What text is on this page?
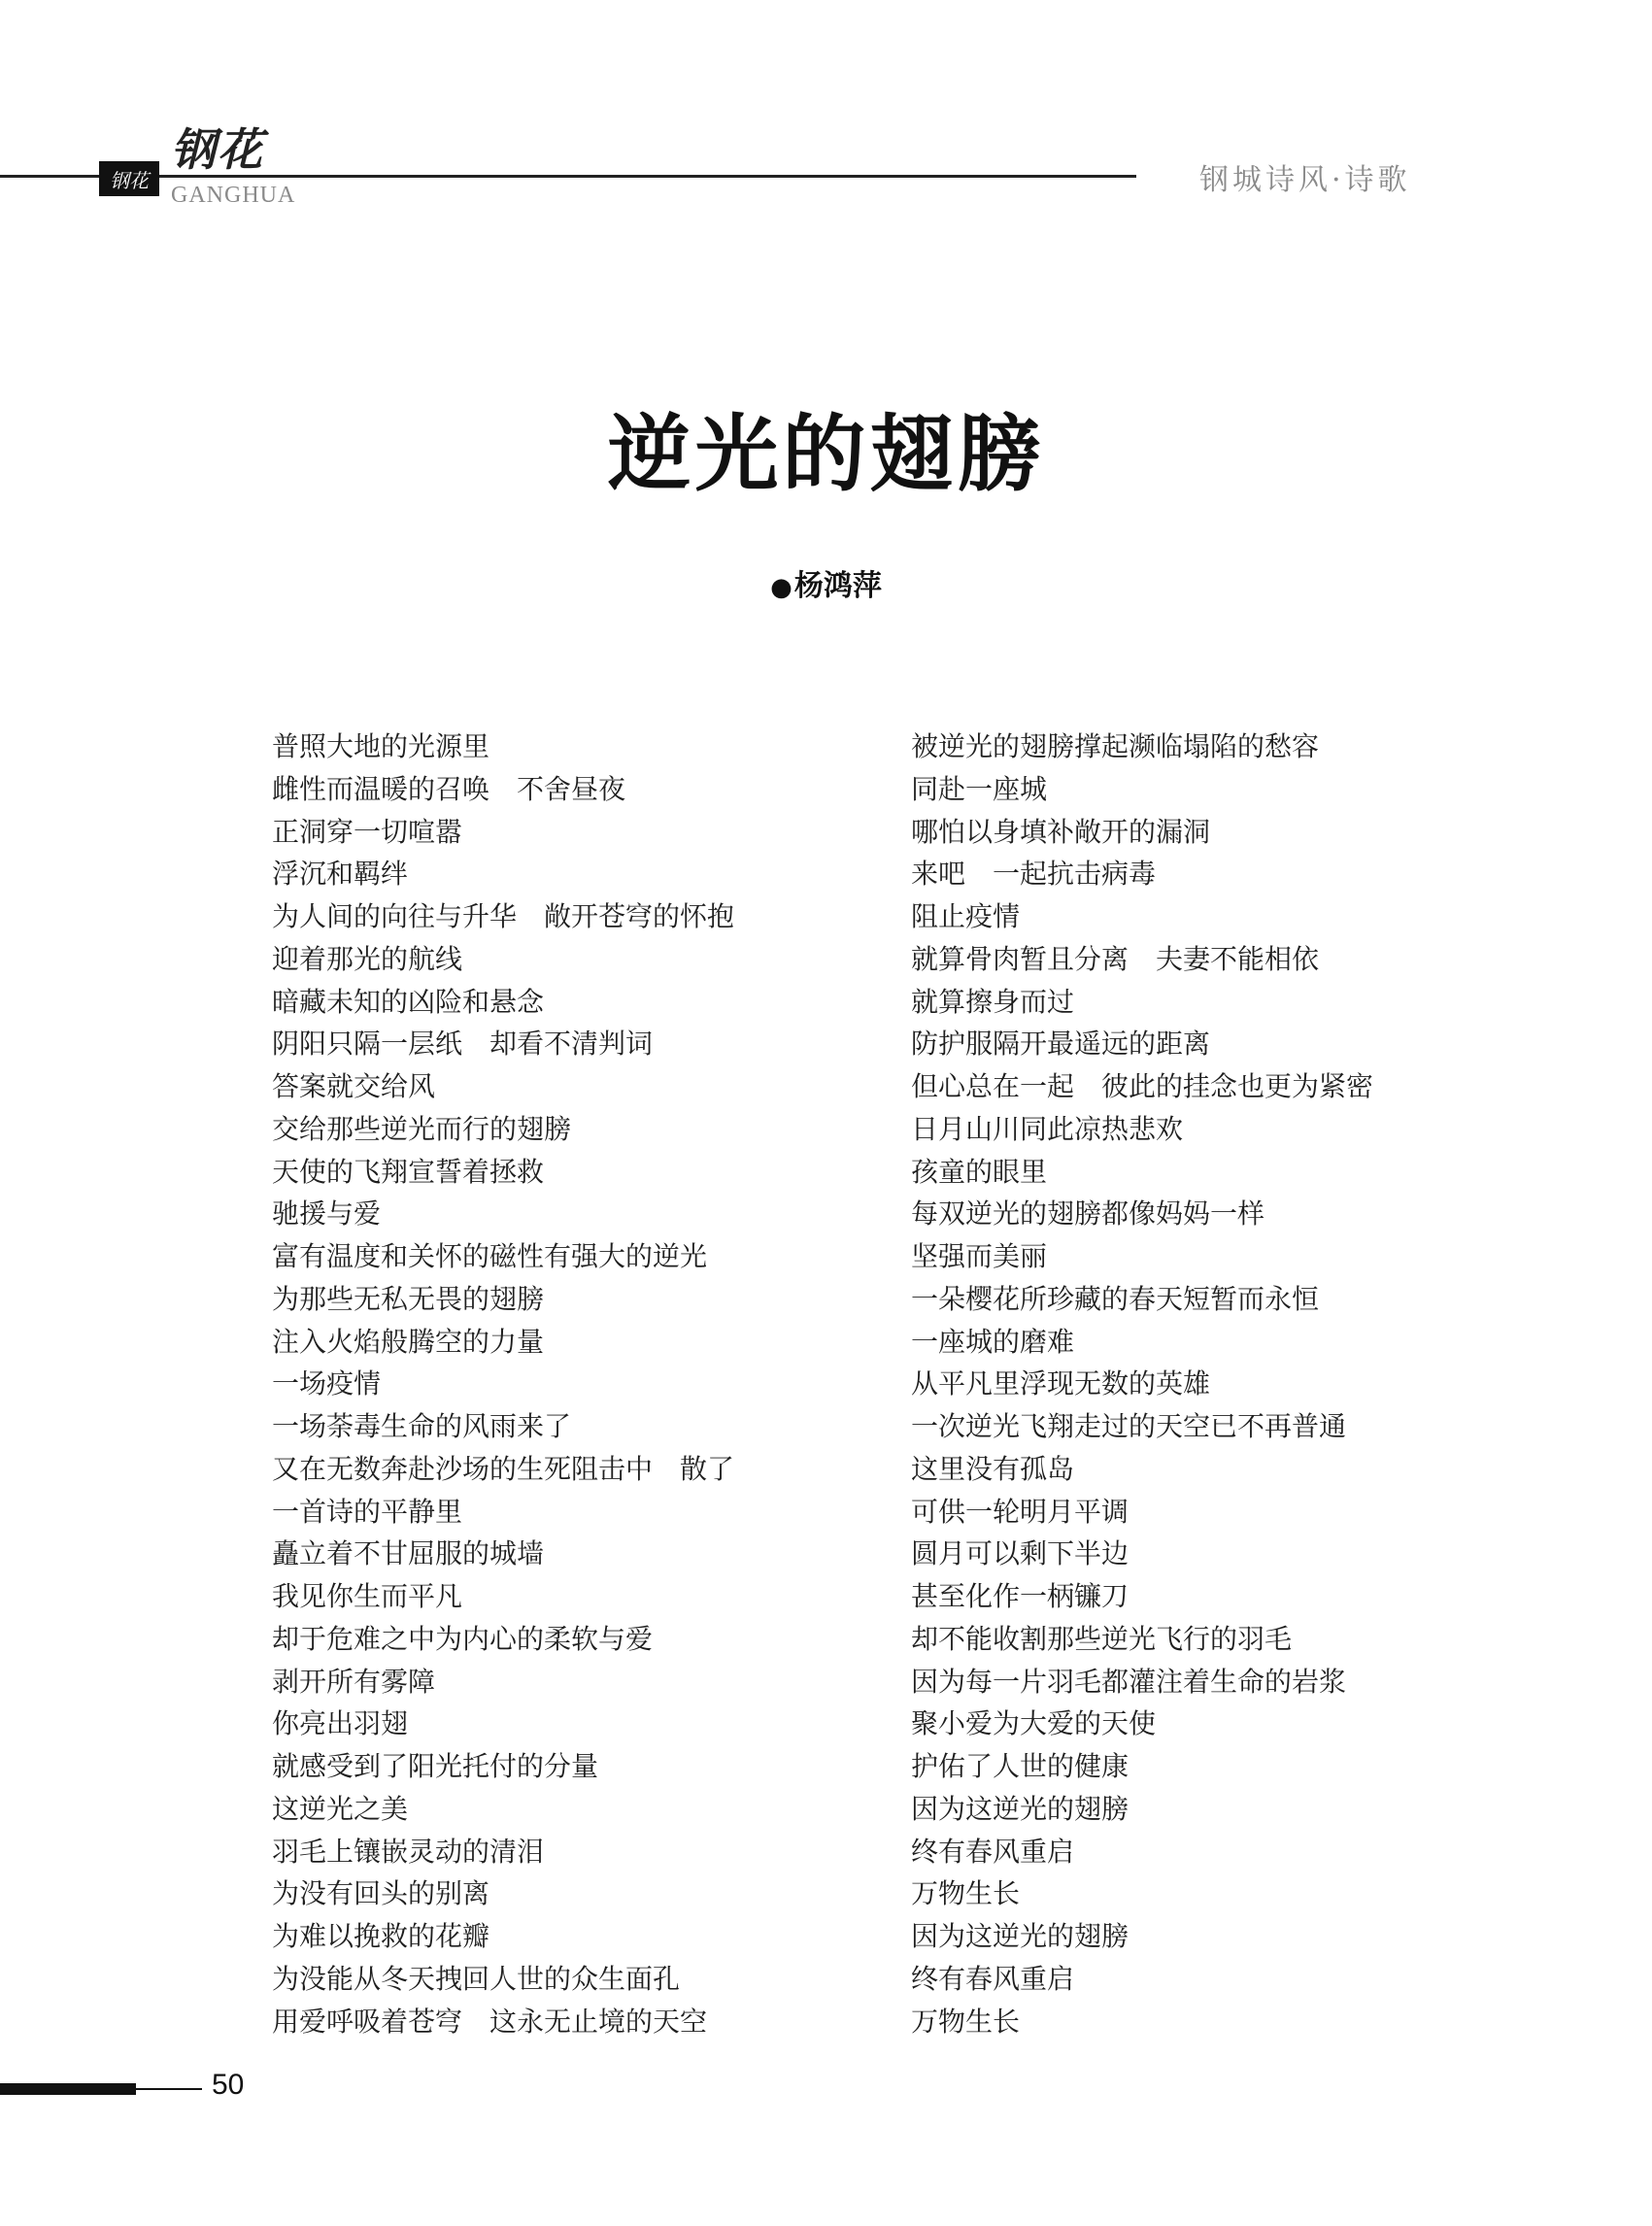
钢花
钢花
GANGHUA	钢城诗风·诗歌
逆光的翅膀
●杨鸿萍
普照大地的光源里
雌性而温暖的召唤　不舍昼夜
正洞穿一切喧嚣
浮沉和羁绊
为人间的向往与升华　敞开苍穹的怀抱
迎着那光的航线
暗藏未知的凶险和悬念
阴阳只隔一层纸　却看不清判词
答案就交给风
交给那些逆光而行的翅膀
天使的飞翔宣誓着拯救
驰援与爱
富有温度和关怀的磁性有强大的逆光
为那些无私无畏的翅膀
注入火焰般腾空的力量
一场疫情
一场荼毒生命的风雨来了
又在无数奔赴沙场的生死阻击中　散了
一首诗的平静里
矗立着不甘屈服的城墙
我见你生而平凡
却于危难之中为内心的柔软与爱
剥开所有雾障
你亮出羽翅
就感受到了阳光托付的分量
这逆光之美
羽毛上镶嵌灵动的清泪
为没有回头的别离
为难以挽救的花瓣
为没能从冬天拽回人世的众生面孔
用爱呼吸着苍穹　这永无止境的天空
被逆光的翅膀撑起濒临塌陷的愁容
同赴一座城
哪怕以身填补敞开的漏洞
来吧　一起抗击病毒
阻止疫情
就算骨肉暂且分离　夫妻不能相依
就算擦身而过
防护服隔开最遥远的距离
但心总在一起　彼此的挂念也更为紧密
日月山川同此凉热悲欢
孩童的眼里
每双逆光的翅膀都像妈妈一样
坚强而美丽
一朵樱花所珍藏的春天短暂而永恒
一座城的磨难
从平凡里浮现无数的英雄
一次逆光飞翔走过的天空已不再普通
这里没有孤岛
可供一轮明月平调
圆月可以剩下半边
甚至化作一柄镰刀
却不能收割那些逆光飞行的羽毛
因为每一片羽毛都灌注着生命的岩浆
聚小爱为大爱的天使
护佑了人世的健康
因为这逆光的翅膀
终有春风重启
万物生长
因为这逆光的翅膀
终有春风重启
万物生长
50
